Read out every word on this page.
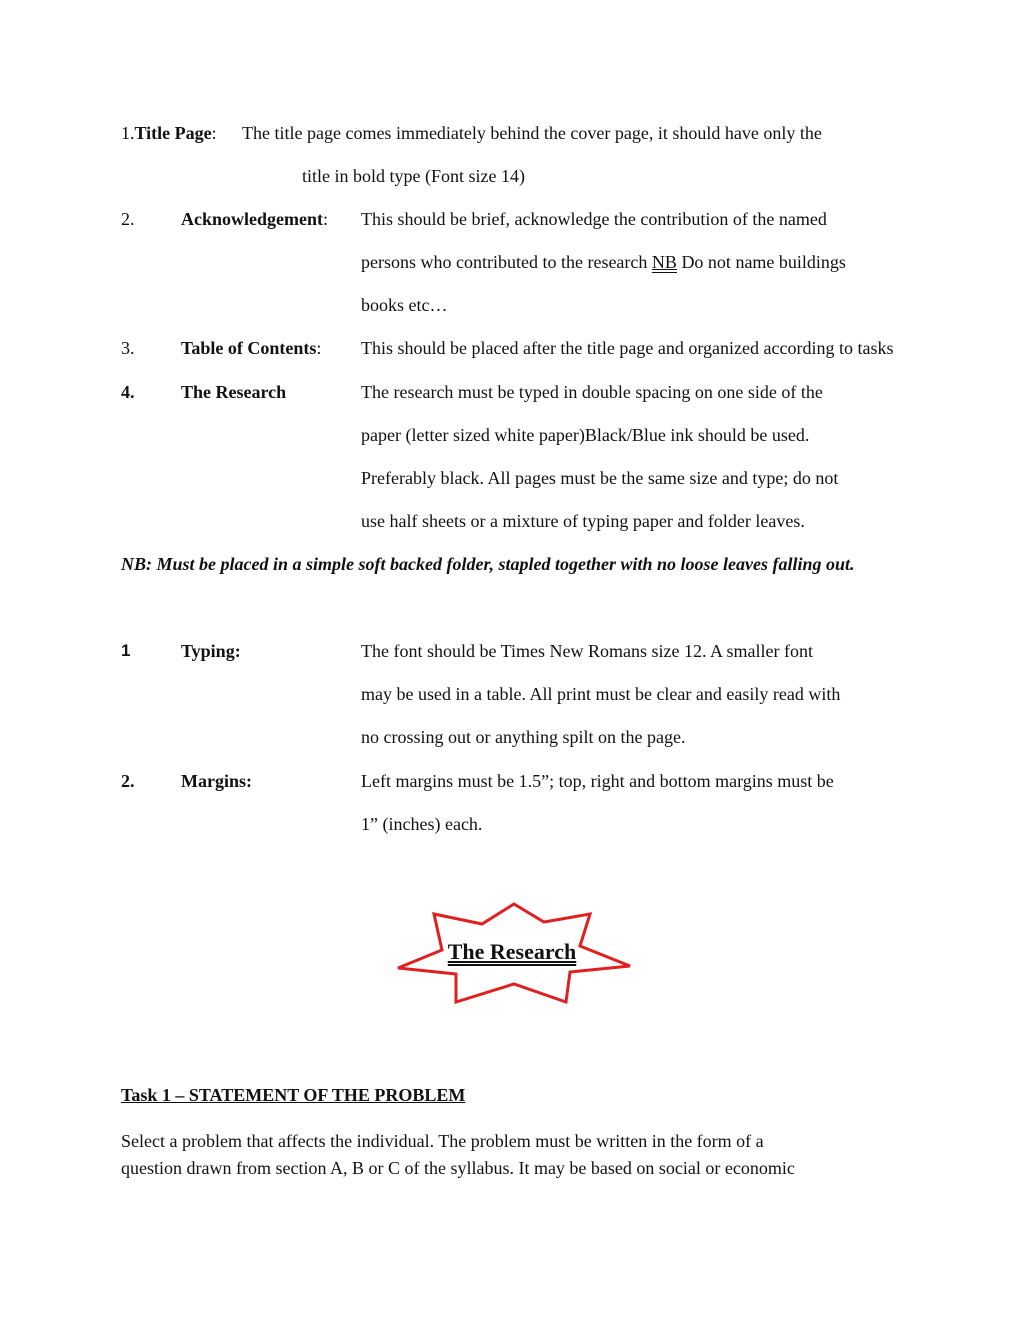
1.Title Page: The title page comes immediately behind the cover page, it should have only the
title in bold type (Font size 14)
2.	Acknowledgement: This should be brief, acknowledge the contribution of the named
persons who contributed to the research NB Do not name buildings
books etc…
3.	Table of Contents: This should be placed after the title page and organized according to tasks
4.	The Research	The research must be typed in double spacing on one side of the
paper (letter sized white paper)Black/Blue ink should be used.
Preferably black. All pages must be the same size and type; do not
use half sheets or a mixture of typing paper and folder leaves.
NB: Must be placed in a simple soft backed folder, stapled together with no loose leaves falling out.
1	Typing:	The font should be Times New Romans size 12. A smaller font
may be used in a table. All print must be clear and easily read with
no crossing out or anything spilt on the page.
2.	Margins:	Left margins must be 1.5”; top, right and bottom margins must be
1” (inches) each.
The Research
Task 1 – STATEMENT OF THE PROBLEM
Select a problem that affects the individual. The problem must be written in the form of a
question drawn from section A, B or C of the syllabus. It may be based on social or economic
